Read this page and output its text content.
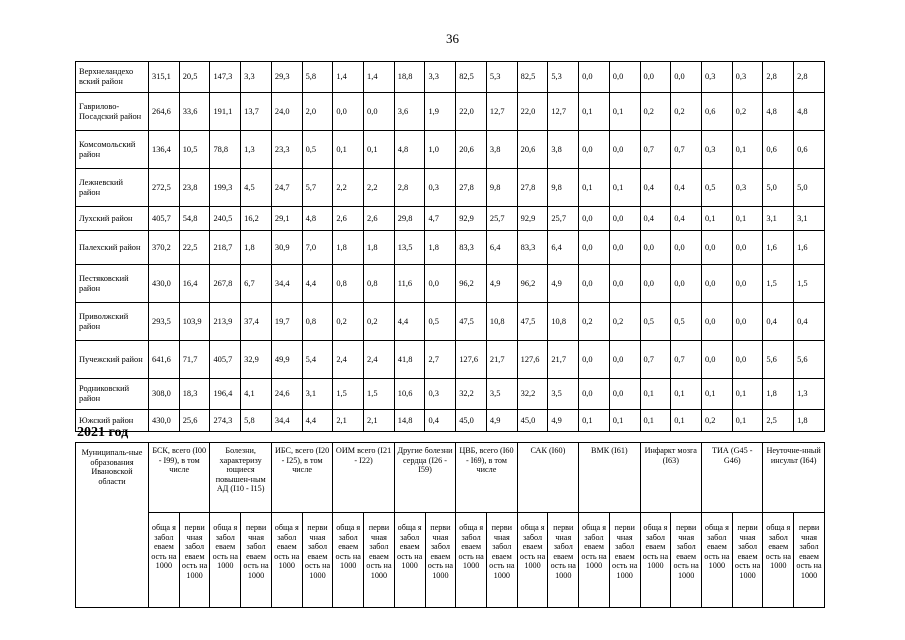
36
Верхнеландехо вский район	315,1	20,5	147,3	3,3	29,3	5,8	1,4	1,4	18,8	3,3	82,5	5,3	82,5	5,3	0,0	0,0	0,0	0,0	0,3	0,3	2,8	2,8
Гаврилово-Посадский район	264,6	33,6	191,1	13,7	24,0	2,0	0,0	0,0	3,6	1,9	22,0	12,7	22,0	12,7	0,1	0,1	0,2	0,2	0,6	0,2	4,8	4,8
Комсомольский район	136,4	10,5	78,8	1,3	23,3	0,5	0,1	0,1	4,8	1,0	20,6	3,8	20,6	3,8	0,0	0,0	0,7	0,7	0,3	0,1	0,6	0,6
Лежневский район	272,5	23,8	199,3	4,5	24,7	5,7	2,2	2,2	2,8	0,3	27,8	9,8	27,8	9,8	0,1	0,1	0,4	0,4	0,5	0,3	5,0	5,0
Лухский район	405,7	54,8	240,5	16,2	29,1	4,8	2,6	2,6	29,8	4,7	92,9	25,7	92,9	25,7	0,0	0,0	0,4	0,4	0,1	0,1	3,1	3,1
Палехский район	370,2	22,5	218,7	1,8	30,9	7,0	1,8	1,8	13,5	1,8	83,3	6,4	83,3	6,4	0,0	0,0	0,0	0,0	0,0	0,0	1,6	1,6
Пестяковский район	430,0	16,4	267,8	6,7	34,4	4,4	0,8	0,8	11,6	0,0	96,2	4,9	96,2	4,9	0,0	0,0	0,0	0,0	0,0	0,0	1,5	1,5
Приволжский район	293,5	103,9	213,9	37,4	19,7	0,8	0,2	0,2	4,4	0,5	47,5	10,8	47,5	10,8	0,2	0,2	0,5	0,5	0,0	0,0	0,4	0,4
Пучежский район	641,6	71,7	405,7	32,9	49,9	5,4	2,4	2,4	41,8	2,7	127,6	21,7	127,6	21,7	0,0	0,0	0,7	0,7	0,0	0,0	5,6	5,6
Родниковский район	308,0	18,3	196,4	4,1	24,6	3,1	1,5	1,5	10,6	0,3	32,2	3,5	32,2	3,5	0,0	0,0	0,1	0,1	0,1	0,1	1,8	1,3
Южский район	430,0	25,6	274,3	5,8	34,4	4,4	2,1	2,1	14,8	0,4	45,0	4,9	45,0	4,9	0,1	0,1	0,1	0,1	0,2	0,1	2,5	1,8
2021 год
Муниципаль-ные образования Ивановской области	БСК, всего (I00 - I99), в том числе		Болезни, характеризу ющиеся повышен-ным АД (I10 - I15)		ИБС, всего (I20 - I25), в том числе		ОИМ всего (I21 - I22)		Другие болезни сердца (I26 - I59)		ЦВБ, всего (I60 - I69), в том числе		САК (I60)		ВМК (I61)		Инфаркт мозга (I63)		ТИА (G45 - G46)		Неуточне-нный инсульт (I64)	
	обща я забол еваем ость на 1000	перви чная забол еваем ость на 1000	обща я забол еваем ость на 1000	перви чная забол еваем ость на 1000	обща я забол еваем ость на 1000	перви чная забол еваем ость на 1000	обща я забол еваем ость на 1000	перви чная забол еваем ость на 1000	обща я забол еваем ость на 1000	перви чная забол еваем ость на 1000	обща я забол еваем ость на 1000	перви чная забол еваем ость на 1000	обща я забол еваем ость на 1000	перви чная забол еваем ость на 1000	обща я забол еваем ость на 1000	перви чная забол еваем ость на 1000	обща я забол еваем ость на 1000	перви чная забол еваем ость на 1000	обща я забол еваем ость на 1000	перви чная забол еваем ость на 1000	обща я забол еваем ость на 1000	перви чная забол еваем ость на 1000
